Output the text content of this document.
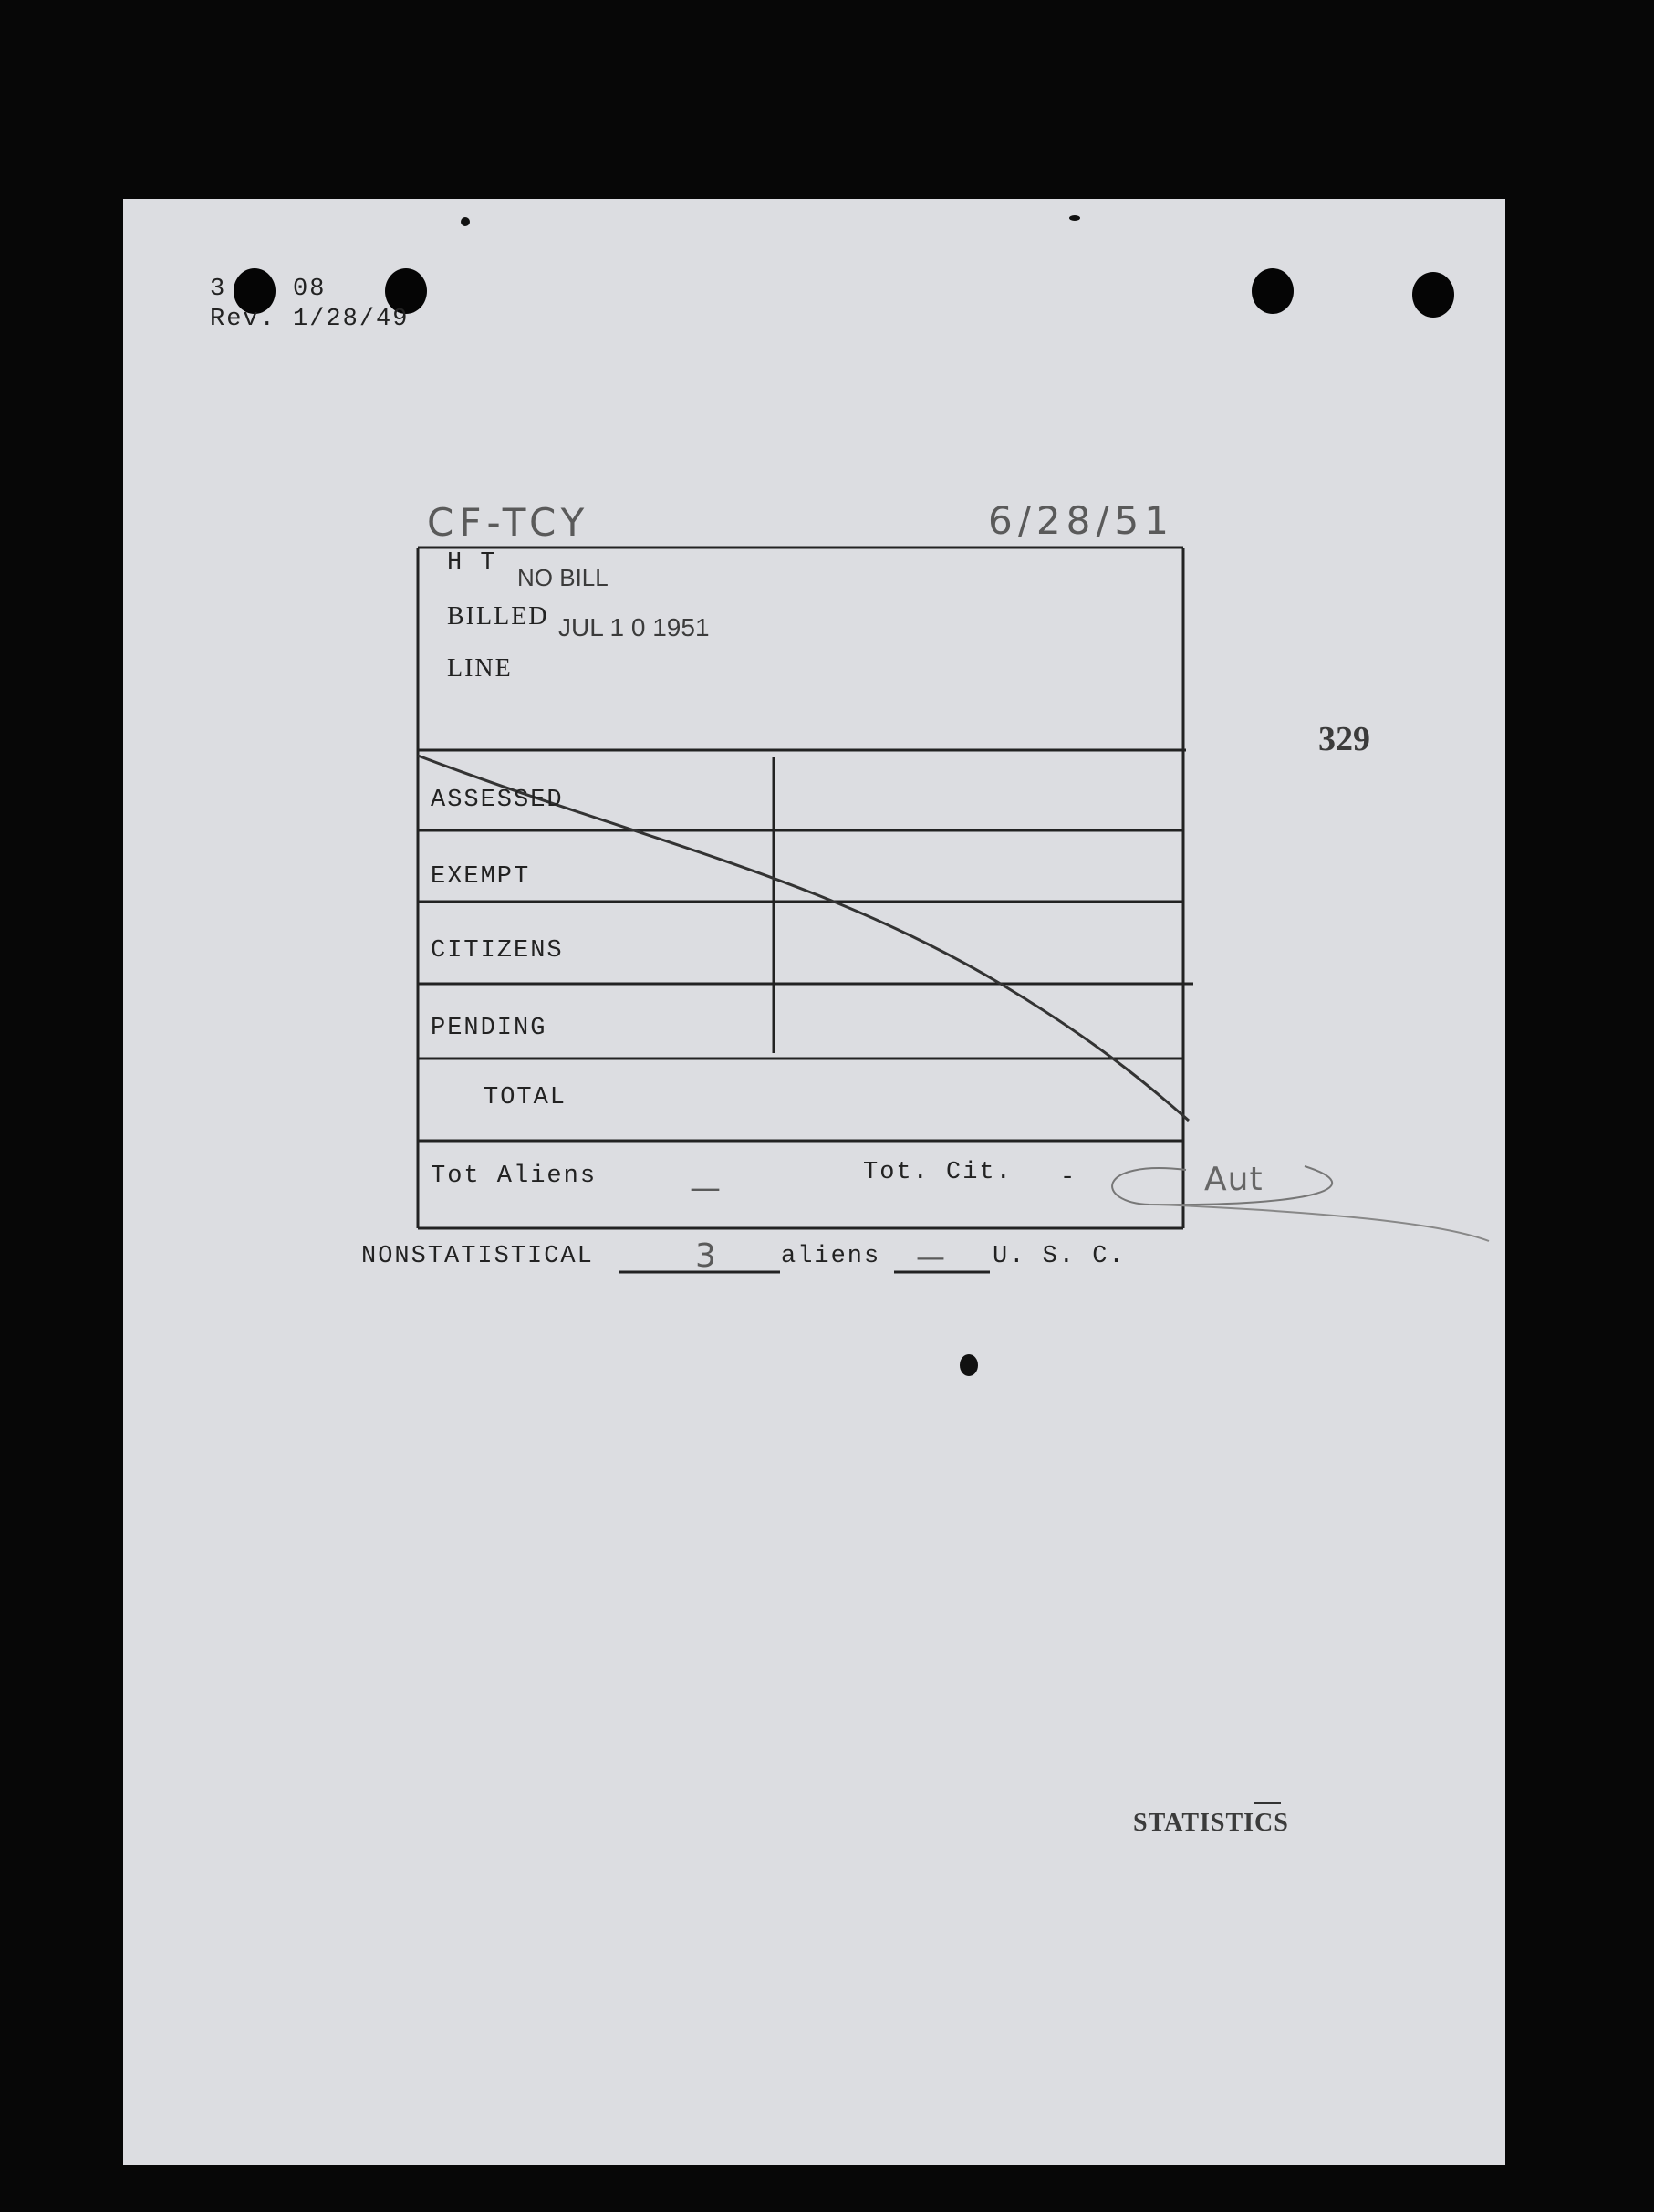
3    08
Rev. 1/28/49
CF-TCY	6/28/51
329
H T
NO BILL
BILLED JUL 1 0 1951
LINE
ASSESSED
EXEMPT
CITIZENS
PENDING
TOTAL
Tot Aliens	—	Tot. Cit. -	Aut
NONSTATISTICAL	3 aliens — U. S. C.
STATISTICS
